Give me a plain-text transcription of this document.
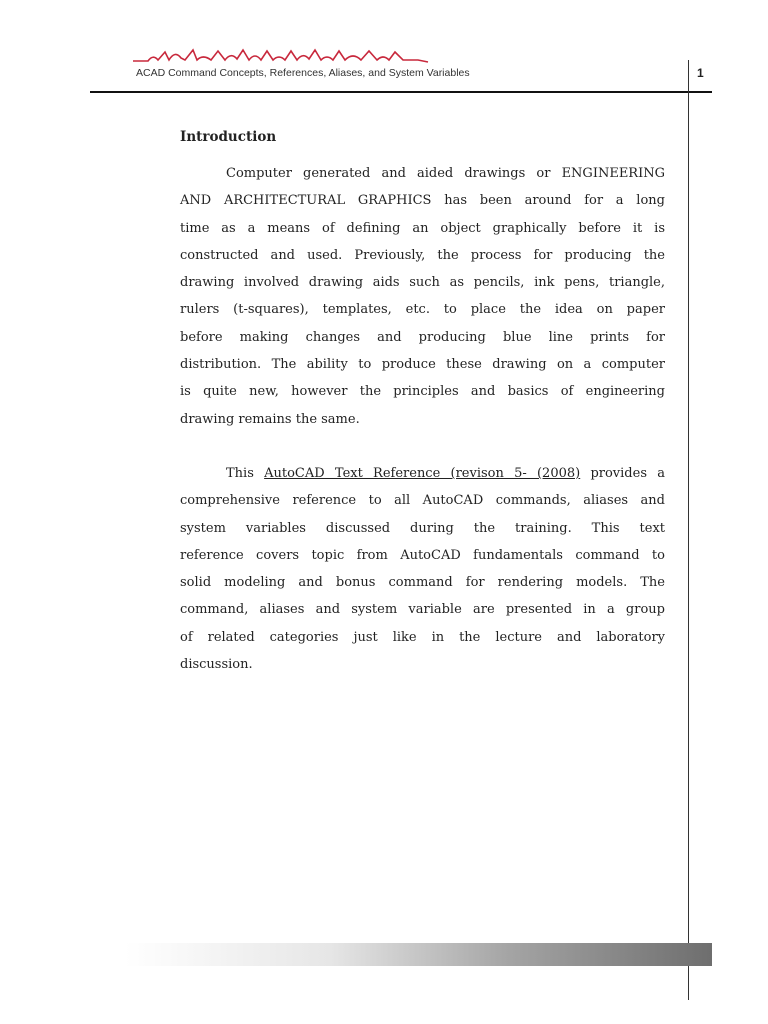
ACAD Command Concepts, References, Aliases, and System Variables	1
Introduction
Computer generated and aided drawings or ENGINEERING
AND ARCHITECTURAL GRAPHICS has been around for a long
time as a means of defining an object graphically before it is
constructed and used. Previously, the process for producing the
drawing involved drawing aids such as pencils, ink pens, triangle,
rulers (t-squares), templates, etc. to place the idea on paper
before making changes and producing blue line prints for
distribution. The ability to produce these drawing on a computer
is quite new, however the principles and basics of engineering
drawing remains the same.
This AutoCAD Text Reference (revison 5- (2008) provides a
comprehensive reference to all AutoCAD commands, aliases and
system variables discussed during the training. This text
reference covers topic from AutoCAD fundamentals command to
solid modeling and bonus command for rendering models. The
command, aliases and system variable are presented in a group
of related categories just like in the lecture and laboratory
discussion.
